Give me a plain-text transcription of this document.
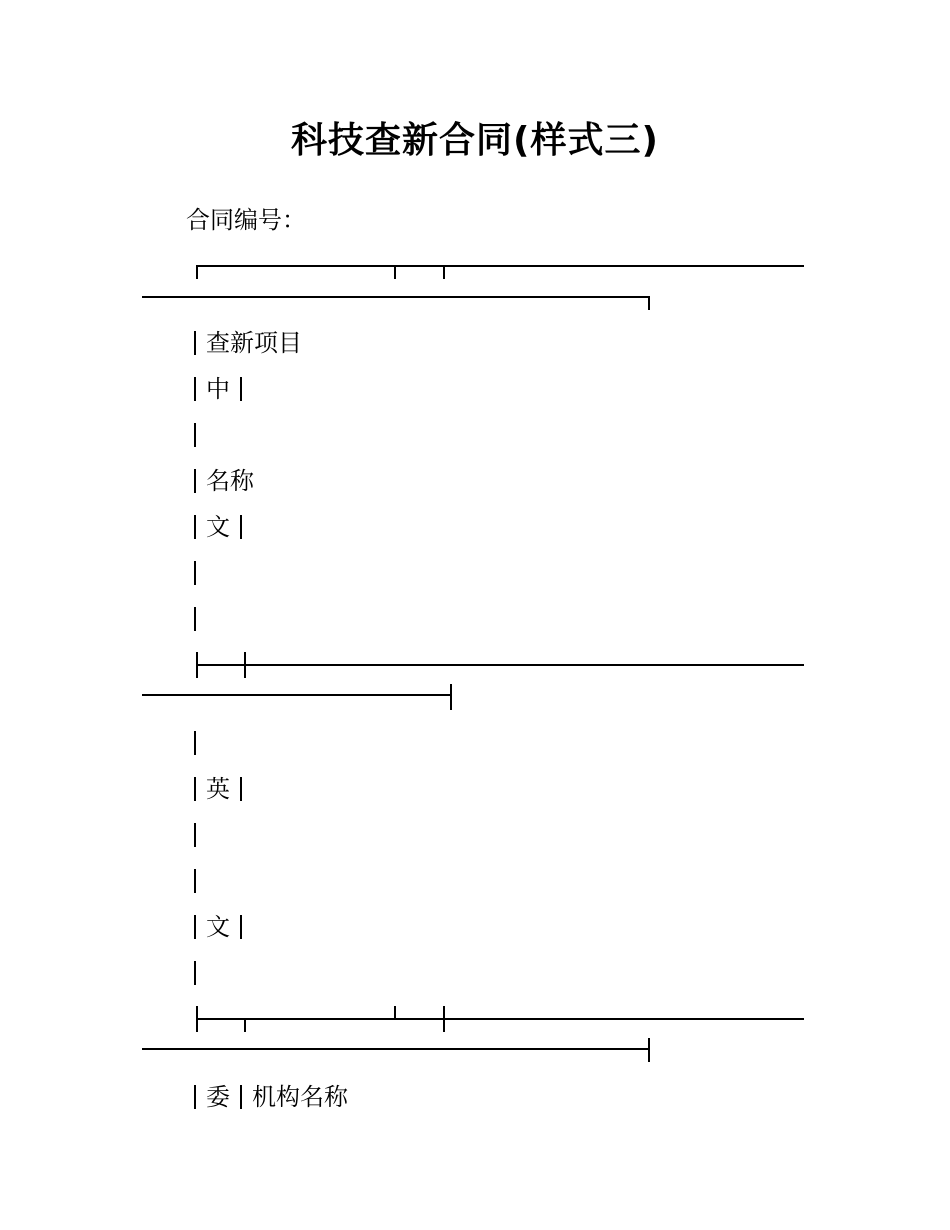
科技查新合同(样式三)
合同编号：
查新项目
中
名称
文
英
文
委 机构名称
